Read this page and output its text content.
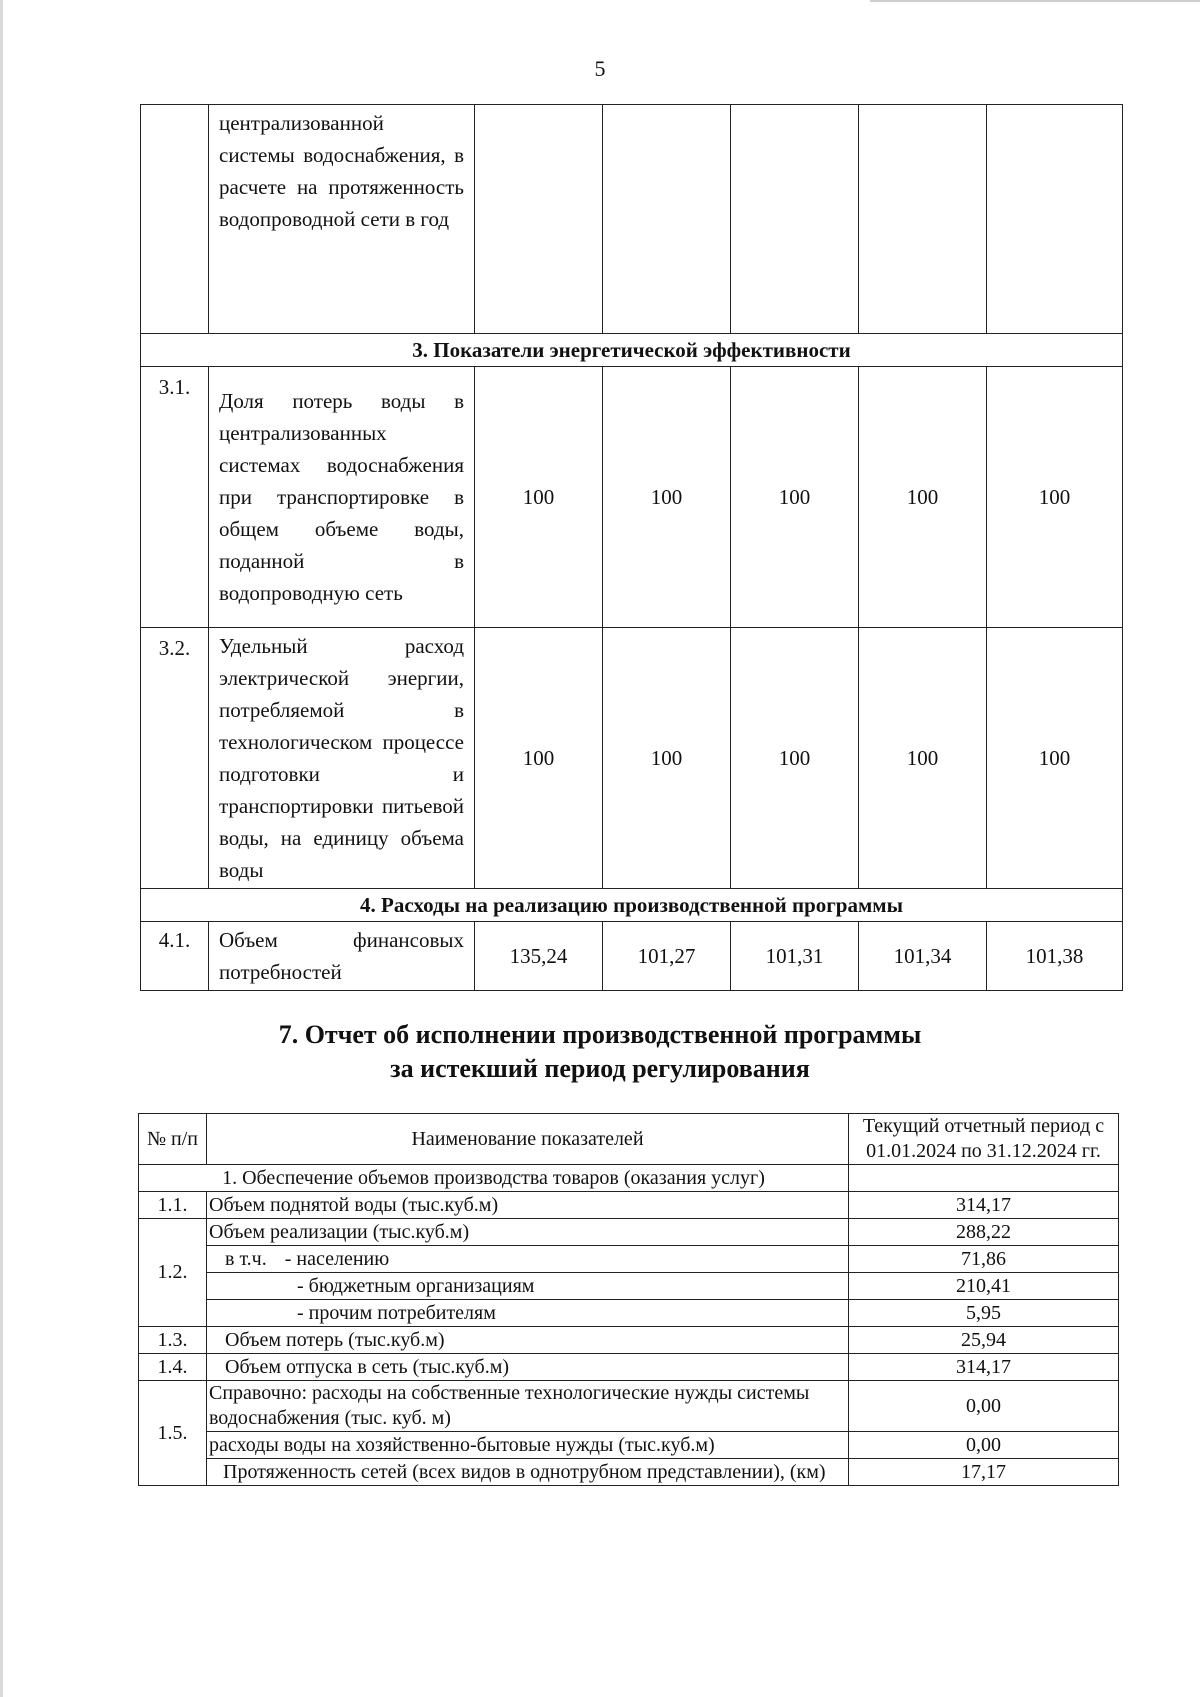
5
	централизованной системы водоснабжения, в расчете на протяженность водопроводной сети в год					
3. Показатели энергетической эффективности						
3.1.	Доля потерь воды в централизованных системах водоснабжения при транспортировке в общем объеме воды, поданной в водопроводную сеть	100	100	100	100	100
3.2.	Удельный расход электрической энергии, потребляемой в технологическом процессе подготовки и транспортировки питьевой воды, на единицу объема воды	100	100	100	100	100
4. Расходы на реализацию производственной программы						
4.1.	Объем финансовых потребностей	135,24	101,27	101,31	101,34	101,38
7. Отчет об исполнении производственной программы
за истекший период регулирования
№ п/п	Наименование показателей	Текущий отчетный период с 01.01.2024 по 31.12.2024 гг.
1. Обеспечение объемов производства товаров (оказания услуг)		
1.1.	Объем поднятой воды (тыс.куб.м)	314,17
1.2.	Объем реализации (тыс.куб.м)	288,22
	в т.ч. - населению	71,86
	- бюджетным организациям	210,41
	- прочим потребителям	5,95
1.3.	Объем потерь (тыс.куб.м)	25,94
1.4.	Объем отпуска в сеть (тыс.куб.м)	314,17
1.5.	Справочно: расходы на собственные технологические нужды системы водоснабжения (тыс. куб. м)	0,00
	расходы воды на хозяйственно-бытовые нужды (тыс.куб.м)	0,00
	Протяженность сетей (всех видов в однотрубном представлении), (км)	17,17
